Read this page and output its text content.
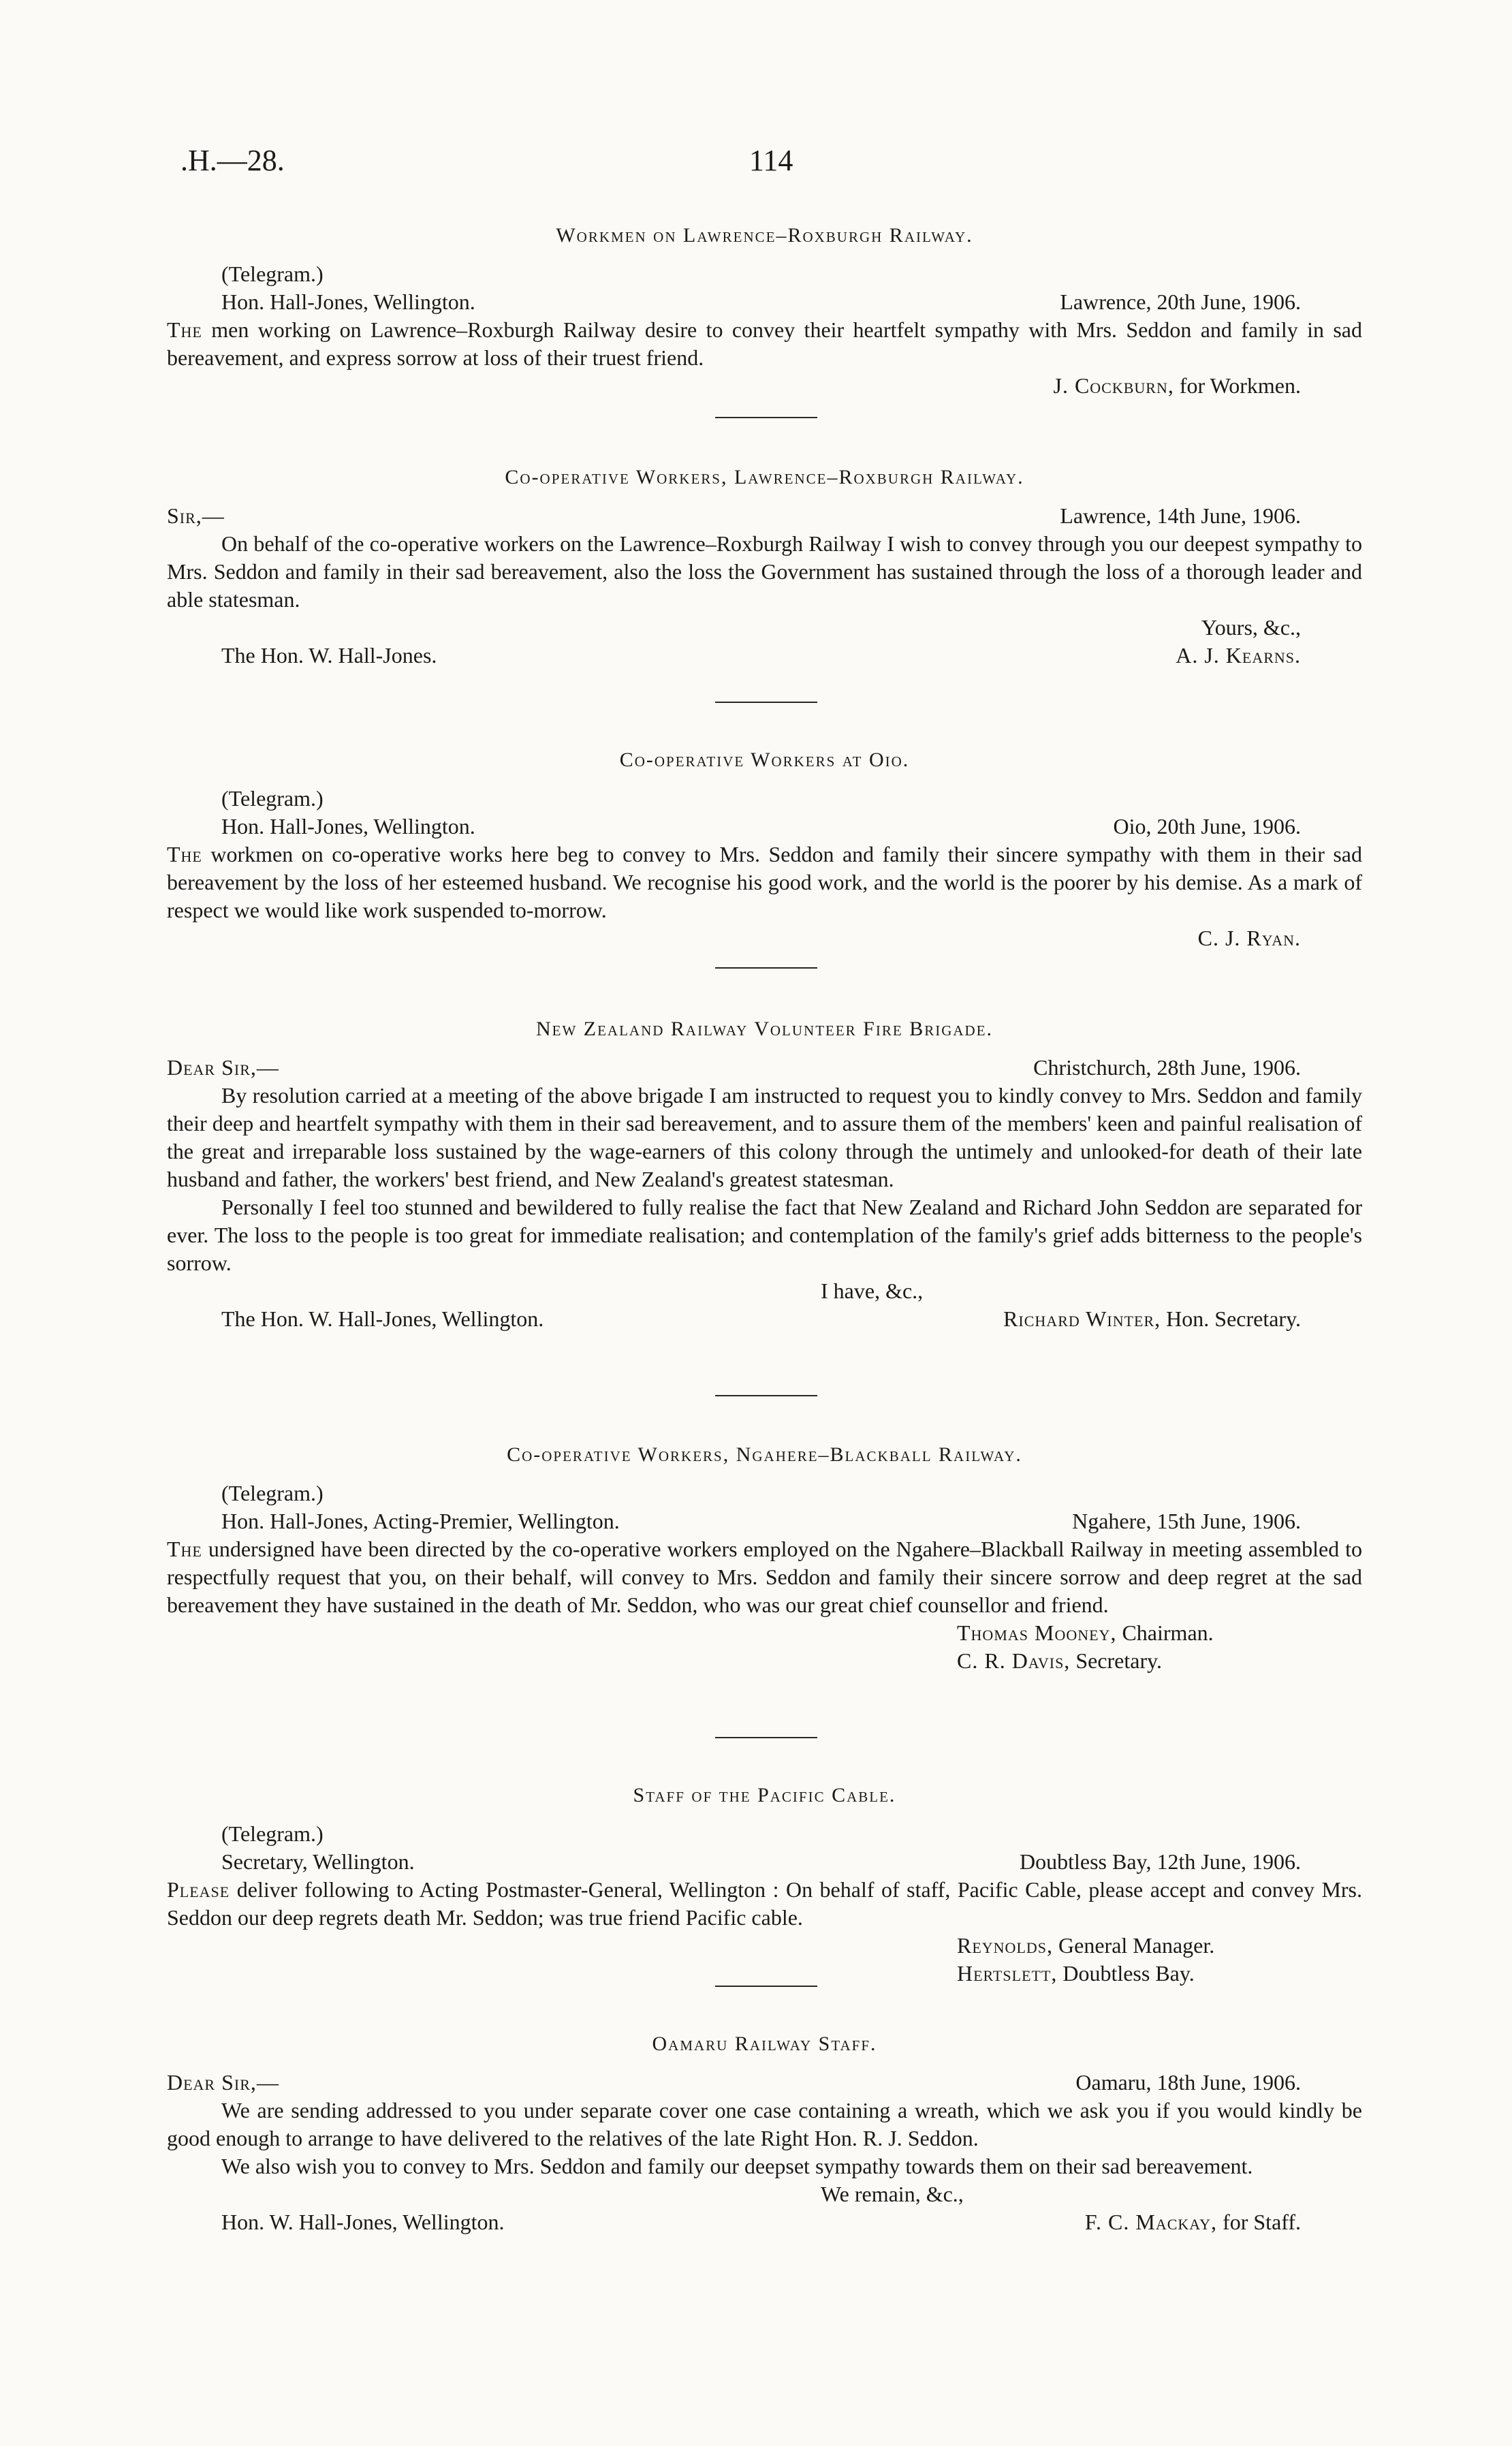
.H.—28.	114
Workmen on Lawrence–Roxburgh Railway.
(Telegram.)
Hon. Hall-Jones, Wellington.	Lawrence, 20th June, 1906.
The men working on Lawrence–Roxburgh Railway desire to convey their heartfelt sympathy with Mrs. Seddon and family in sad bereavement, and express sorrow at loss of their truest friend.
J. Cockburn, for Workmen.
Co-operative Workers, Lawrence–Roxburgh Railway.
Sir,—	Lawrence, 14th June, 1906.
On behalf of the co-operative workers on the Lawrence–Roxburgh Railway I wish to convey through you our deepest sympathy to Mrs. Seddon and family in their sad bereavement, also the loss the Government has sustained through the loss of a thorough leader and able statesman.
Yours, &c.,
The Hon. W. Hall-Jones.	A. J. Kearns.
Co-operative Workers at Oio.
(Telegram.)
Hon. Hall-Jones, Wellington.	Oio, 20th June, 1906.
The workmen on co-operative works here beg to convey to Mrs. Seddon and family their sincere sympathy with them in their sad bereavement by the loss of her esteemed husband. We recognise his good work, and the world is the poorer by his demise. As a mark of respect we would like work suspended to-morrow.
C. J. Ryan.
New Zealand Railway Volunteer Fire Brigade.
Dear Sir,—	Christchurch, 28th June, 1906.
By resolution carried at a meeting of the above brigade I am instructed to request you to kindly convey to Mrs. Seddon and family their deep and heartfelt sympathy with them in their sad bereavement, and to assure them of the members' keen and painful realisation of the great and irreparable loss sustained by the wage-earners of this colony through the untimely and unlooked-for death of their late husband and father, the workers' best friend, and New Zealand's greatest statesman.
Personally I feel too stunned and bewildered to fully realise the fact that New Zealand and Richard John Seddon are separated for ever. The loss to the people is too great for immediate realisation; and contemplation of the family's grief adds bitterness to the people's sorrow.
I have, &c.,
The Hon. W. Hall-Jones, Wellington.	Richard Winter, Hon. Secretary.
Co-operative Workers, Ngahere–Blackball Railway.
(Telegram.)
Hon. Hall-Jones, Acting-Premier, Wellington.	Ngahere, 15th June, 1906.
The undersigned have been directed by the co-operative workers employed on the Ngahere–Blackball Railway in meeting assembled to respectfully request that you, on their behalf, will convey to Mrs. Seddon and family their sincere sorrow and deep regret at the sad bereavement they have sustained in the death of Mr. Seddon, who was our great chief counsellor and friend.
Thomas Mooney, Chairman.
C. R. Davis, Secretary.
Staff of the Pacific Cable.
(Telegram.)
Secretary, Wellington.	Doubtless Bay, 12th June, 1906.
Please deliver following to Acting Postmaster-General, Wellington : On behalf of staff, Pacific Cable, please accept and convey Mrs. Seddon our deep regrets death Mr. Seddon; was true friend Pacific cable.
Reynolds, General Manager.
Hertslett, Doubtless Bay.
Oamaru Railway Staff.
Dear Sir,—	Oamaru, 18th June, 1906.
We are sending addressed to you under separate cover one case containing a wreath, which we ask you if you would kindly be good enough to arrange to have delivered to the relatives of the late Right Hon. R. J. Seddon.
We also wish you to convey to Mrs. Seddon and family our deepset sympathy towards them on their sad bereavement.
We remain, &c.,
Hon. W. Hall-Jones, Wellington.	F. C. Mackay, for Staff.
